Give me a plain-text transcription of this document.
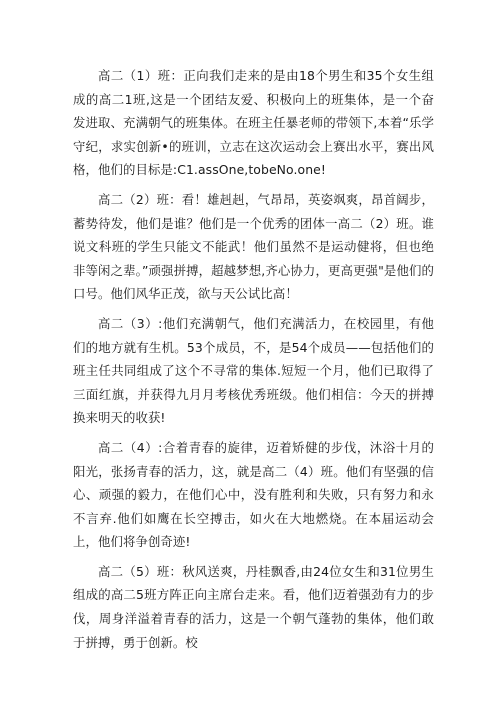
高二（1）班：正向我们走来的是由18个男生和35个女生组成的高二1班,这是一个团结友爱、积极向上的班集体，是一个奋发进取、充满朝气的班集体。在班主任暴老师的带领下,本着“乐学守纪，求实创新•的班训，立志在这次运动会上赛出水平，赛出风格，他们的目标是:C1.assOne,tobeNo.one!

高二（2）班：看！雄赳赳，气昂昂，英姿飒爽，昂首阔步，蓄势待发，他们是谁？他们是一个优秀的团体一高二（2）班。谁说文科班的学生只能文不能武！他们虽然不是运动健将，但也绝非等闲之辈。”顽强拼搏，超越梦想,齐心协力，更高更强"是他们的口号。他们风华正茂，欲与天公试比高！

高二（3）:他们充满朝气，他们充满活力，在校园里，有他们的地方就有生机。53个成员，不，是54个成员——包括他们的班主任共同组成了这个不寻常的集体.短短一个月，他们已取得了三面红旗，并获得九月月考核优秀班级。他们相信：今天的拼搏换来明天的收获!

高二（4）:合着青春的旋律，迈着矫健的步伐，沐浴十月的阳光，张扬青春的活力，这，就是高二（4）班。他们有坚强的信心、顽强的毅力，在他们心中，没有胜利和失败，只有努力和永不言弃.他们如鹰在长空搏击，如火在大地燃烧。在本届运动会上，他们将争创奇迹!

高二（5）班：秋风送爽，丹桂飘香,由24位女生和31位男生组成的高二5班方阵正向主席台走来。看，他们迈着强劲有力的步伐，周身洋溢着青春的活力，这是一个朝气蓬勃的集体，他们敢于拼搏，勇于创新。校
